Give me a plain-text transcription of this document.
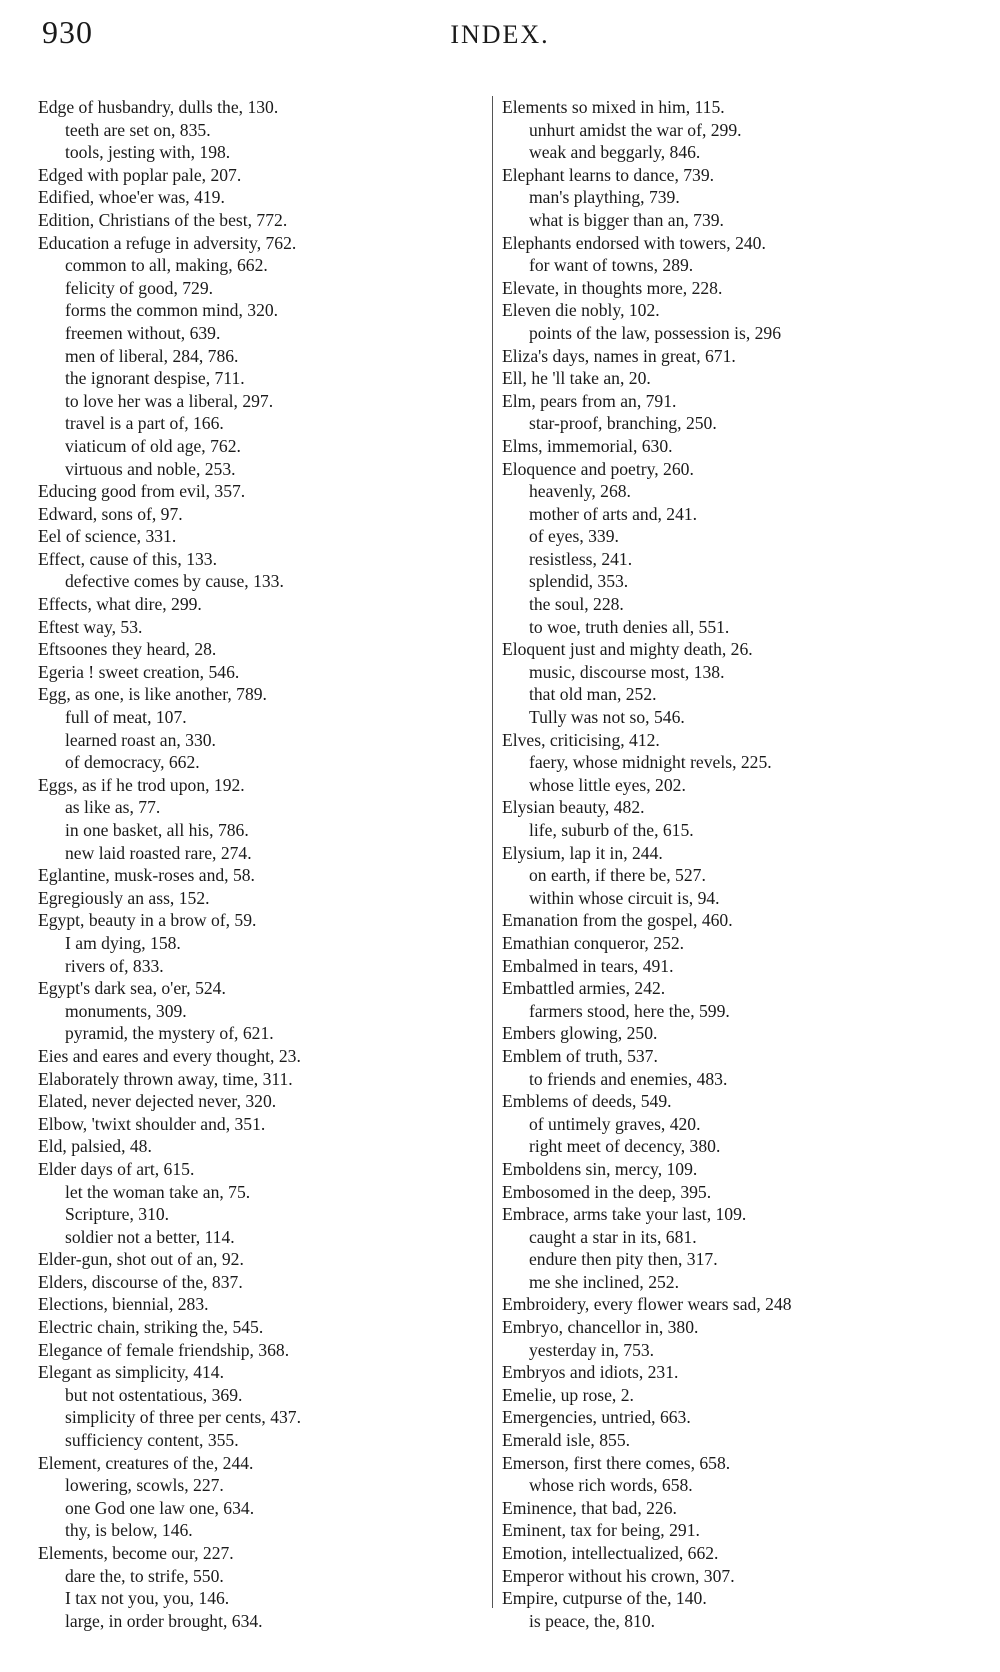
930	INDEX.
Edge of husbandry, dulls the, 130.
teeth are set on, 835.
tools, jesting with, 198.
Edged with poplar pale, 207.
Edified, whoe'er was, 419.
Edition, Christians of the best, 772.
Education a refuge in adversity, 762.
common to all, making, 662.
felicity of good, 729.
forms the common mind, 320.
freemen without, 639.
men of liberal, 284, 786.
the ignorant despise, 711.
to love her was a liberal, 297.
travel is a part of, 166.
viaticum of old age, 762.
virtuous and noble, 253.
Educing good from evil, 357.
Edward, sons of, 97.
Eel of science, 331.
Effect, cause of this, 133.
defective comes by cause, 133.
Effects, what dire, 299.
Eftest way, 53.
Eftsoones they heard, 28.
Egeria ! sweet creation, 546.
Egg, as one, is like another, 789.
full of meat, 107.
learned roast an, 330.
of democracy, 662.
Eggs, as if he trod upon, 192.
as like as, 77.
in one basket, all his, 786.
new laid roasted rare, 274.
Eglantine, musk-roses and, 58.
Egregiously an ass, 152.
Egypt, beauty in a brow of, 59.
I am dying, 158.
rivers of, 833.
Egypt's dark sea, o'er, 524.
monuments, 309.
pyramid, the mystery of, 621.
Eies and eares and every thought, 23.
Elaborately thrown away, time, 311.
Elated, never dejected never, 320.
Elbow, 'twixt shoulder and, 351.
Eld, palsied, 48.
Elder days of art, 615.
let the woman take an, 75.
Scripture, 310.
soldier not a better, 114.
Elder-gun, shot out of an, 92.
Elders, discourse of the, 837.
Elections, biennial, 283.
Electric chain, striking the, 545.
Elegance of female friendship, 368.
Elegant as simplicity, 414.
but not ostentatious, 369.
simplicity of three per cents, 437.
sufficiency content, 355.
Element, creatures of the, 244.
lowering, scowls, 227.
one God one law one, 634.
thy, is below, 146.
Elements, become our, 227.
dare the, to strife, 550.
I tax not you, you, 146.
large, in order brought, 634.
Elements so mixed in him, 115.
unhurt amidst the war of, 299.
weak and beggarly, 846.
Elephant learns to dance, 739.
man's plaything, 739.
what is bigger than an, 739.
Elephants endorsed with towers, 240.
for want of towns, 289.
Elevate, in thoughts more, 228.
Eleven die nobly, 102.
points of the law, possession is, 296
Eliza's days, names in great, 671.
Ell, he 'll take an, 20.
Elm, pears from an, 791.
star-proof, branching, 250.
Elms, immemorial, 630.
Eloquence and poetry, 260.
heavenly, 268.
mother of arts and, 241.
of eyes, 339.
resistless, 241.
splendid, 353.
the soul, 228.
to woe, truth denies all, 551.
Eloquent just and mighty death, 26.
music, discourse most, 138.
that old man, 252.
Tully was not so, 546.
Elves, criticising, 412.
faery, whose midnight revels, 225.
whose little eyes, 202.
Elysian beauty, 482.
life, suburb of the, 615.
Elysium, lap it in, 244.
on earth, if there be, 527.
within whose circuit is, 94.
Emanation from the gospel, 460.
Emathian conqueror, 252.
Embalmed in tears, 491.
Embattled armies, 242.
farmers stood, here the, 599.
Embers glowing, 250.
Emblem of truth, 537.
to friends and enemies, 483.
Emblems of deeds, 549.
of untimely graves, 420.
right meet of decency, 380.
Emboldens sin, mercy, 109.
Embosomed in the deep, 395.
Embrace, arms take your last, 109.
caught a star in its, 681.
endure then pity then, 317.
me she inclined, 252.
Embroidery, every flower wears sad, 248
Embryo, chancellor in, 380.
yesterday in, 753.
Embryos and idiots, 231.
Emelie, up rose, 2.
Emergencies, untried, 663.
Emerald isle, 855.
Emerson, first there comes, 658.
whose rich words, 658.
Eminence, that bad, 226.
Eminent, tax for being, 291.
Emotion, intellectualized, 662.
Emperor without his crown, 307.
Empire, cutpurse of the, 140.
is peace, the, 810.
